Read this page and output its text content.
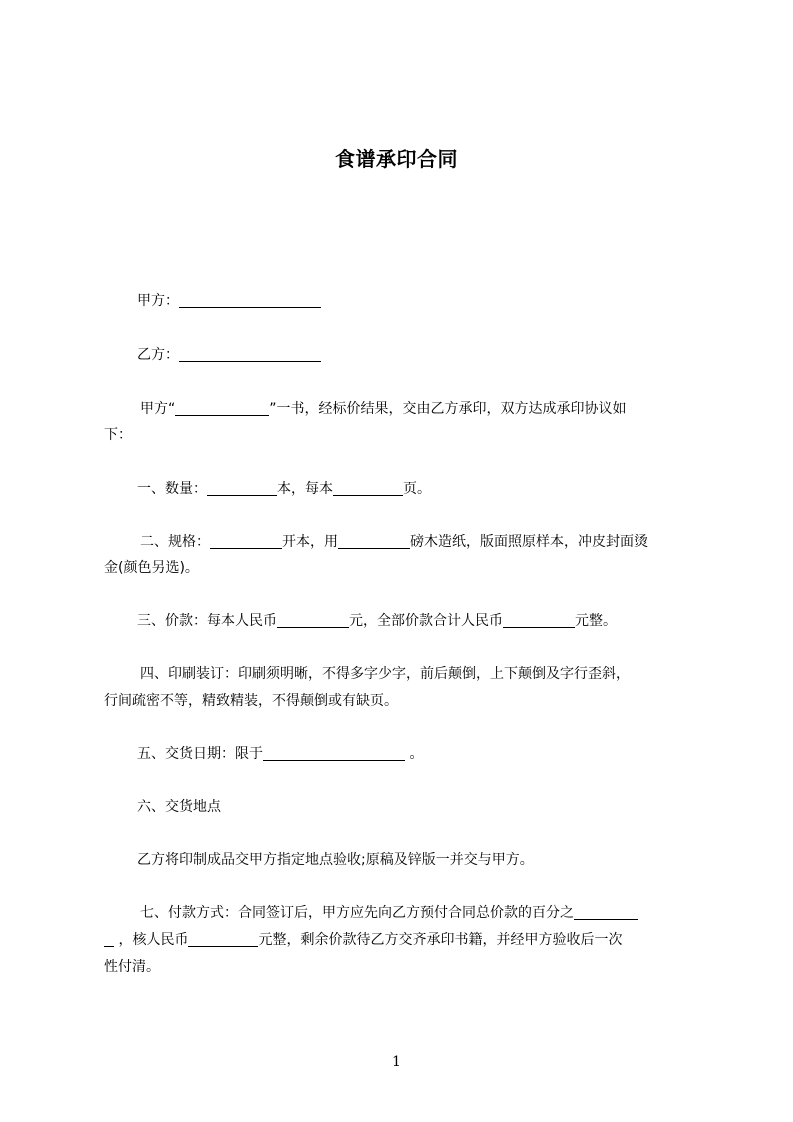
食谱承印合同
甲方：
乙方：
甲方“	”一书，经标价结果，交由乙方承印，双方达成承印协议如
下：
一、数量：	本，每本	页。
二、规格：	开本，用	磅木造纸，版面照原样本，冲皮封面烫
金(颜色另选)。
三、价款：每本人民币	元，全部价款合计人民币	元整。
四、印刷装订：印刷须明晰，不得多字少字，前后颠倒，上下颠倒及字行歪斜，
行间疏密不等，精致精装，不得颠倒或有缺页。
五、交货日期：限于	。
六、交货地点
乙方将印制成品交甲方指定地点验收;原稿及锌版一并交与甲方。
七、付款方式：合同签订后，甲方应先向乙方预付合同总价款的百分之
，核人民币	元整，剩余价款待乙方交齐承印书籍，并经甲方验收后一次
性付清。
1
